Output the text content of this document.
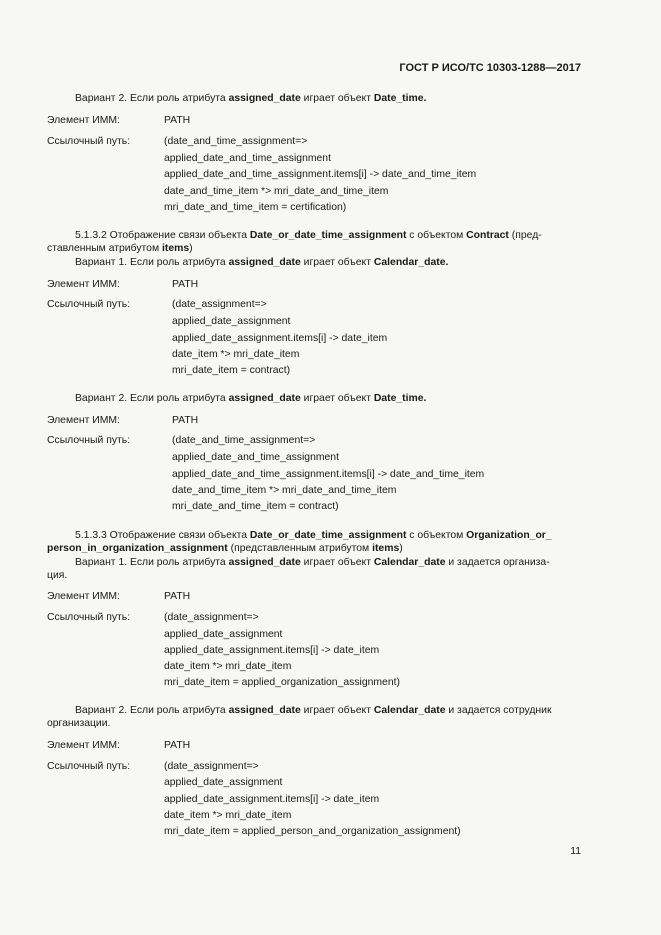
ГОСТ Р ИСО/ТС 10303-1288—2017
Вариант 2. Если роль атрибута assigned_date играет объект Date_time.
Элемент ИММ:	PATH
Ссылочный путь:	(date_and_time_assignment=>
applied_date_and_time_assignment
applied_date_and_time_assignment.items[i] -> date_and_time_item
date_and_time_item *> mri_date_and_time_item
mri_date_and_time_item = certification)
5.1.3.2 Отображение связи объекта Date_or_date_time_assignment с объектом Contract (пред-
ставленным атрибутом items)
Вариант 1. Если роль атрибута assigned_date играет объект Calendar_date.
Элемент ИММ:	PATH
Ссылочный путь:	(date_assignment=>
applied_date_assignment
applied_date_assignment.items[i] -> date_item
date_item *> mri_date_item
mri_date_item = contract)
Вариант 2. Если роль атрибута assigned_date играет объект Date_time.
Элемент ИММ:	PATH
Ссылочный путь:	(date_and_time_assignment=>
applied_date_and_time_assignment
applied_date_and_time_assignment.items[i] -> date_and_time_item
date_and_time_item *> mri_date_and_time_item
mri_date_and_time_item = contract)
5.1.3.3 Отображение связи объекта Date_or_date_time_assignment с объектом Organization_or_
person_in_organization_assignment (представленным атрибутом items)
Вариант 1. Если роль атрибута assigned_date играет объект Calendar_date и задается организа-
ция.
Элемент ИММ:	PATH
Ссылочный путь:	(date_assignment=>
applied_date_assignment
applied_date_assignment.items[i] -> date_item
date_item *> mri_date_item
mri_date_item = applied_organization_assignment)
Вариант 2. Если роль атрибута assigned_date играет объект Calendar_date и задается сотрудник
организации.
Элемент ИММ:	PATH
Ссылочный путь:	(date_assignment=>
applied_date_assignment
applied_date_assignment.items[i] -> date_item
date_item *> mri_date_item
mri_date_item = applied_person_and_organization_assignment)
11
